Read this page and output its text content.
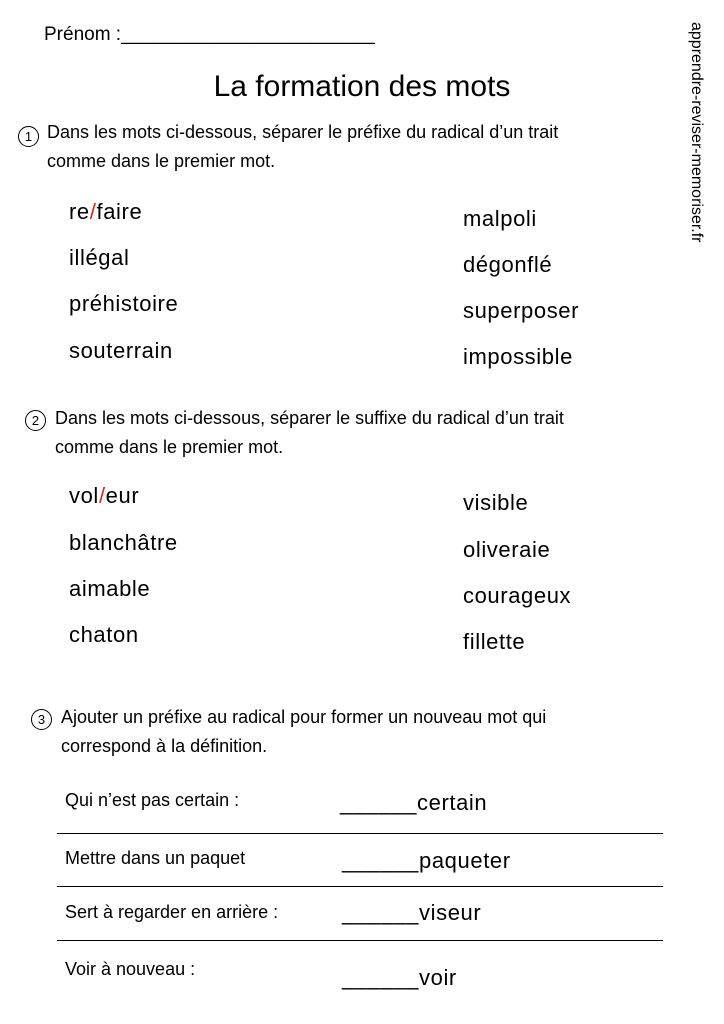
Prénom :________________________
La formation des mots	apprendre-reviser-memoriser.fr
1 Dans les mots ci-dessous, séparer le préfixe du radical d’un trait
comme dans le premier mot.
re/faire
illégal
préhistoire
souterrain
malpoli
dégonflé
superposer
impossible
2 Dans les mots ci-dessous, séparer le suffixe du radical d’un trait
comme dans le premier mot.
vol/eur
blanchâtre
aimable
chaton
visible
oliveraie
courageux
fillette
3 Ajouter un préfixe au radical pour former un nouveau mot qui
correspond à la définition.
Qui n’est pas certain :	______certain
Mettre dans un paquet	______paqueter
Sert à regarder en arrière :	______viseur
Voir à nouveau :	______voir
